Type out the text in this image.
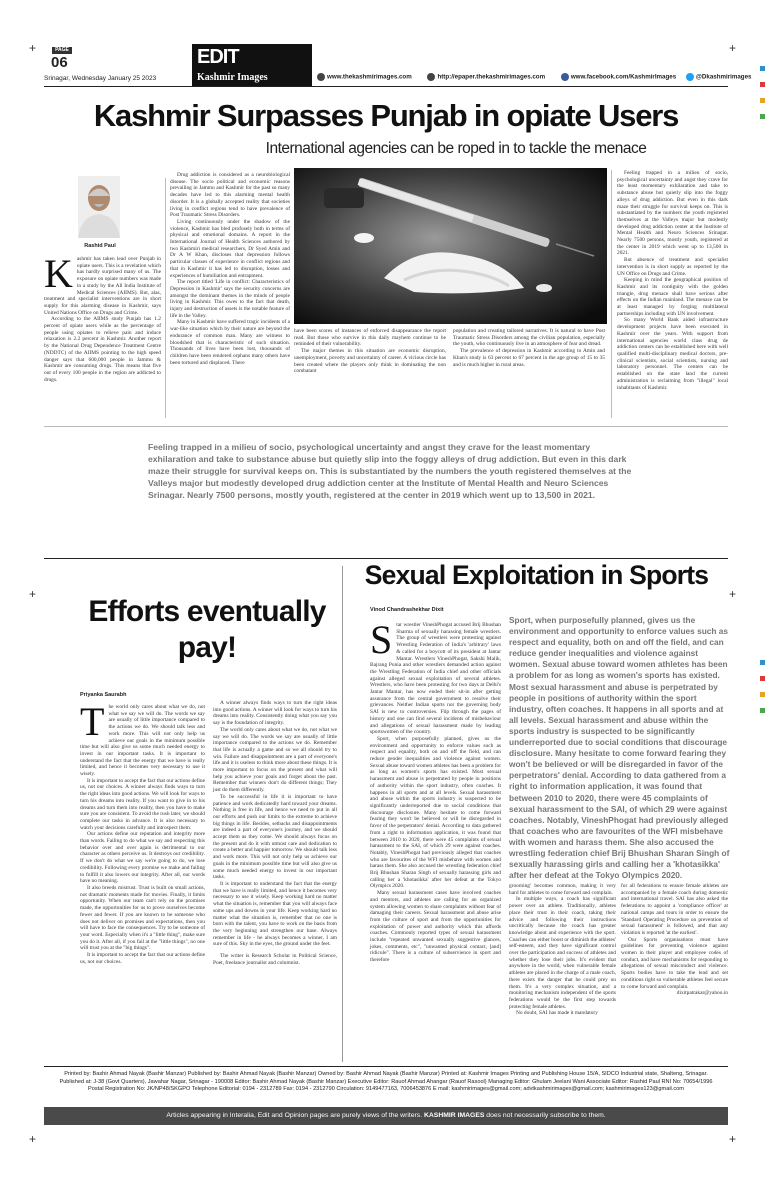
+	+
+	+
+	+
PAGE
06
Srinagar, Wednesday January 25 2023
EDIT
Kashmir Images	www.thekashmirimages.com	http://epaper.thekashmirimages.com	www.facebook.com/KashmirImages	@Dkashmirimages
Kashmir Surpasses Punjab in opiate Users
International agencies can be roped in to tackle the menace
Rashid Paul
K ashmir has taken lead over Punjab in opiate users. This is a revelation which has hardly surprised many of us. The exposure on opiate numbers was made in a study by the All India Institute of Medical Sciences (AIIMS). But, alas, treatment and specialist interventions are in short supply for this alarming disease in Kashmir, says United Nations Office on Drugs and Crime.

According to the AIIMS study Punjab has 1.2 percent of opiate users while as the percentage of people using opiates to relieve pain and induce relaxation is 2.2 percent in Kashmir. Another report by the National Drug Dependence Treatment Centre (NDDTC) of the AIIMS pointing to the high speed danger says that 600,000 people in Jammu & Kashmir are consuming drugs. This means that five out of every 100 people in the region are addicted to drugs.

Drug addiction is considered as a neurobiological disease. The socio political and economic reasons prevailing in Jammu and Kashmir for the past so many decades have led to this alarming mental health disorder. It is a globally accepted reality that societies living in conflict regions tend to have prevalence of Post Traumatic Stress Disorders.

Living continuously under the shadow of the violence, Kashmir has bled profusely both in terms of physical and emotional domains. A report in the International Journal of Health Sciences authored by two Kashmiri medical researchers, Dr Syed Amin and Dr A W Khan, discloses that depression follows particular classes of experience in conflict regions and that in Kashmir it has led to disruption, losses and experiences of humiliation and entrapment.

The report titled 'Life in conflict: Characteristics of Depression in Kashmir' says the security concerns are amongst the dominant themes in the minds of people living in Kashmir. This owes to the fact that death, injury and destruction of assets is the notable feature of life in the Valley.

Many in Kashmir have suffered tragic incidents of a war-like situation which by their nature are beyond the endurance of common man. Many are witness to bloodshed that is characteristic of such situation. Thousands of lives have been lost, thousands of children have been rendered orphans many others have been tortured and displaced. There

have been scores of instances of enforced disappearance the report read. But those who survive in this daily mayhem continue to be reminded of their vulnerability.

The major themes in this situation are economic disruption, unemployment, poverty and uncertainty of career. A vicious circle has been created where the players only think in dominating the non combatant

population and creating tailored narratives. It is natural to have Post Traumatic Stress Disorders among the civilian population, especially the youth, who continuously live in an atmosphere of fear and dread.

The prevalence of depression in Kashmir according to Amin and Khan's study is 63 percent to 67 percent in the age group of 15 to 35 and is much higher in rural areas.

Feeling trapped in a milieu of socio, psychological uncertainty and angst they crave for the least momentary exhilaration and take to substance abuse but quietly slip into the foggy alleys of drug addiction. But even in this dark maze their struggle for survival keeps on. This is substantiated by the numbers the youth registered themselves at the Valleys major but modestly developed drug addiction center at the Institute of Mental Health and Neuro Sciences Srinagar. Nearly 7500 persons, mostly youth, registered at the center in 2019 which went up to 13,500 in 2021.

But absence of treatment and specialist intervention is in short supply as reported by the UN Office on Drugs and Crime.

Keeping in mind the geographical position of Kashmir and its contiguity with the golden triangle, drug menace shall have serious after effects on the Indian mainland. The menace can be at least managed by forging multilateral partnerships including with UN involvement.

So many World Bank aided infrastructure development projects have been executed in Kashmir over the years. With support from international agencies world class drug de addiction centers can be established here with well qualified multi-disciplinary medical doctors, pre-clinical scientists, social scientists, nursing and laboratory personnel. The centers can be established on the state land the current administration is reclaiming from "illegal" local inhabitants of Kashmir.

Feeling trapped in a milieu of socio, psychological uncertainty and angst they crave for the least momentary exhilaration and take to substance abuse but quietly slip into the foggy alleys of drug addiction. But even in this dark maze their struggle for survival keeps on. This is substantiated by the numbers the youth registered themselves at the Valleys major but modestly developed drug addiction center at the Institute of Mental Health and Neuro Sciences Srinagar. Nearly 7500 persons, mostly youth, registered at the center in 2019 which went up to 13,500 in 2021.
Efforts eventually pay!
Priyanka Saurabh
T he world only cares about what we do, not what we say we will do. The words we say are usually of little importance compared to the actions we do. We should talk less and work more. This will not only help us achieve our goals in the minimum possible time but will also give us some much needed energy to invest in our important tasks. It is important to understand the fact that the energy that we have is really limited, and hence it becomes very necessary to use it wisely.

It is important to accept the fact that our actions define us, not our choices. A winner always finds ways to turn the right ideas into good actions. We will look for ways to turn his dreams into reality. If you want to give in to his dreams and turn them into reality, then you have to make sure you are consistent. To avoid the rush later, we should complete our tasks in advance. It is also necessary to watch your decisions carefully and introspect them.

Our actions define our reputation and integrity more than words. Failing to do what we say and respecting this behavior over and over again is detrimental to our character as others perceive us. It destroys our credibility. If we don't do what we say we're going to do, we lose credibility. Following every promise we make and failing to fulfill it also lowers our integrity. After all, our words have no meaning.

It also breeds mistrust. Trust is built on small actions, not dramatic moments made for movies. Finally, it limits opportunity. When our team can't rely on the promises made, the opportunities for us to prove ourselves become fewer and fewer. If you are known to be someone who does not deliver on promises and expectations, then you will have to face the consequences. Try to be someone of your word. Especially when it's a "little thing", make sure you do it. After all, if you fail at the "little things", no one will trust you at the "big things".

It is important to accept the fact that our actions define us, not our choices.

A winner always finds ways to turn the right ideas into good actions. A winner will look for ways to turn his dreams into reality. Consistently doing what you say you say is the foundation of integrity.

The world only cares about what we do, not what we say we will do. The words we say are usually of little importance compared to the actions we do. Remember that life is actually a game and so we all should try to win. Failure and disappointment are a part of everyone's life and it is useless to think more about these things. It is more important to focus on the present and what will help you achieve your goals and forget about the past. Remember that winners don't do different things; They just do them differently.

To be successful in life it is important to have patience and work dedicatedly hard toward your dreams. Nothing is free in life, and hence we need to put in all our efforts and push our limits to the extreme to achieve big things in life. Besides, setbacks and disappointments are indeed a part of everyone's journey, and we should accept them as they come. We should always focus on the present and do it with utmost care and dedication to create a better and happier tomorrow. We should talk less and work more. This will not only help us achieve our goals in the minimum possible time but will also give us some much needed energy to invest in our important tasks.

It is important to understand the fact that the energy that we have is really limited, and hence it becomes very necessary to use it wisely. Keep working hard no matter what the situation is, remember that you will always face some ups and downs in your life. Keep working hard no matter what the situation is, remember that no one is born with the talent, you have to work on the basis from the very beginning and strengthen our base. Always remember in life - he always becomes a winner, I am sure of this. Sky in the eyes, the ground under the feet.

The writer is Research Scholar in Political Science, Poet, freelance journalist and columnist.

Sexual Exploitation in Sports
Vinod Chandrashekhar Dixit
S tar wrestler VineshPhogat accused Brij Bhushan Sharma of sexually harassing female wrestlers. The group of wrestlers were protesting against Wrestling Federation of India's 'arbitrary' laws & called for a boycott of its president at Jantar Mantar. Wrestlers VineshPhogat, Sakshi Malik, Bajrang Punia and other wrestlers demanded action against the Wrestling Federation of India chief and other officials against alleged sexual exploitation of several athletes. Wrestlers, who have been protesting for two days at Delhi's Jantar Mantar, has now ended their sit-in after getting assurance from the central government to resolve their grievances. Neither Indian sports nor the governing body SAI is new to controversies. Flip through the pages of history and one can find several incidents of misbehaviour and allegations of sexual harassment made by leading sportswomen of the country.

Sport, when purposefully planned, gives us the environment and opportunity to enforce values such as respect and equality, both on and off the field, and can reduce gender inequalities and violence against women. Sexual abuse toward women athletes has been a problem for as long as women's sports has existed. Most sexual harassment and abuse is perpetrated by people in positions of authority within the sport industry, often coaches. It happens in all sports and at all levels. Sexual harassment and abuse within the sports industry is suspected to be significantly underreported due to social conditions that discourage disclosure. Many hesitate to come forward fearing they won't be believed or will be disregarded in favor of the perpetrators' denial. According to data gathered from a right to information application, it was found that between 2010 to 2020, there were 45 complaints of sexual harassment to the SAI, of which 29 were against coaches. Notably, VineshPhogat had previously alleged that coaches who are favourites of the WFI misbehave with women and harass them. She also accused the wrestling federation chief Brij Bhushan Sharan Singh of sexually harassing girls and calling her a 'khotasikka' after her defeat at the Tokyo Olympics 2020.

Many sexual harassment cases have involved coaches and mentors, and athletes are calling for an organized system allowing women to share complaints without fear of damaging their careers. Sexual harassment and abuse arise from the culture of sport and from the opportunities for exploitation of power and authority which this affords coaches. Commonly reported types of sexual harassment include "repeated unwanted sexually suggestive glances, jokes, comments, etc", "unwanted physical contact, [and] ridicule". There is a culture of subservience in sport and therefore

Sport, when purposefully planned, gives us the environment and opportunity to enforce values such as respect and equality, both on and off the field, and can reduce gender inequalities and violence against women. Sexual abuse toward women athletes has been a problem for as long as women's sports has existed. Most sexual harassment and abuse is perpetrated by people in positions of authority within the sport industry, often coaches. It happens in all sports and at all levels. Sexual harassment and abuse within the sports industry is suspected to be significantly underreported due to social conditions that discourage disclosure. Many hesitate to come forward fearing they won't be believed or will be disregarded in favor of the perpetrators' denial. According to data gathered from a right to information application, it was found that between 2010 to 2020, there were 45 complaints of sexual harassment to the SAI, of which 29 were against coaches. Notably, VineshPhogat had previously alleged that coaches who are favourites of the WFI misbehave with women and harass them. She also accused the wrestling federation chief Brij Bhushan Sharan Singh of sexually harassing girls and calling her a 'khotasikka' after her defeat at the Tokyo Olympics 2020.

grooming' becomes common, making it very hard for athletes to come forward and complain.

In multiple ways, a coach has significant power over an athlete. Traditionally, athletes place their trust in their coach, taking their advice and following their instructions uncritically because the coach has greater knowledge about and experience with the sport. Coaches can either boost or diminish the athletes' self-esteem, and they have significant control over the participation and success of athletes and whether they lose their jobs. It's evident that anywhere in the world, when vulnerable female athletes are placed in the charge of a male coach, there exists the danger that he could prey on them. It's a very complex situation, and a monitoring mechanism independent of the sports federations would be the first step towards protecting female athletes.

No doubt, SAI has made it mandatory

for all federations to ensure female athletes are accompanied by a female coach during domestic and international travel. SAI has also asked the federations to appoint a 'compliance officer' at national camps and tours in order to ensure the 'Standard Operating Procedure on prevention of sexual harassment' is followed, and that any violation is reported 'at the earliest'.

Our Sports organisations must have guidelines for preventing violence against women in their player and employee codes of conduct, and have mechanisms for responding to allegations of sexual misconduct and violence. Sports bodies have to take the lead and set conditions right so vulnerable athletes feel secure to come forward and complain.

dixitpatrakar@yahoo.in

Printed by: Bashir Ahmad Nayak (Bashir Manzar) Published by: Bashir Ahmad Nayak (Bashir Manzar) Owned by: Bashir Ahmad Nayak (Bashir Manzar) Printed at: Kashmir Images Printing and Publishing House 15/A, SIDCO Industrial state, Shalteng, Srinagar.
Published at: J-38 (Govt Quarters), Jawahar Nagar, Srinagar - 190008 Editor: Bashir Ahmad Nayak (Bashir Manzar) Executive Editor: Rauof Ahmad Ahangar (Rauof Rasool) Managing Editor: Ghulam Jeelani Wani Associate Editor: Rashid Paul RNI No: 70654/1996
Postal Registration No: JK/NP48/SKGPO Telephone Editorial: 0194 - 2312789 Fax: 0194 - 2312790 Circulation: 9149477163, 7006453876 E mail: kashmirimages@gmail.com; advtkashmirimages@gmail.com; kashmirimages123@gmail.com
Articles appearing in Interalia, Edit and Opinion pages are purely views of the writers. KASHMIR IMAGES does not necessarily subscribe to them.
